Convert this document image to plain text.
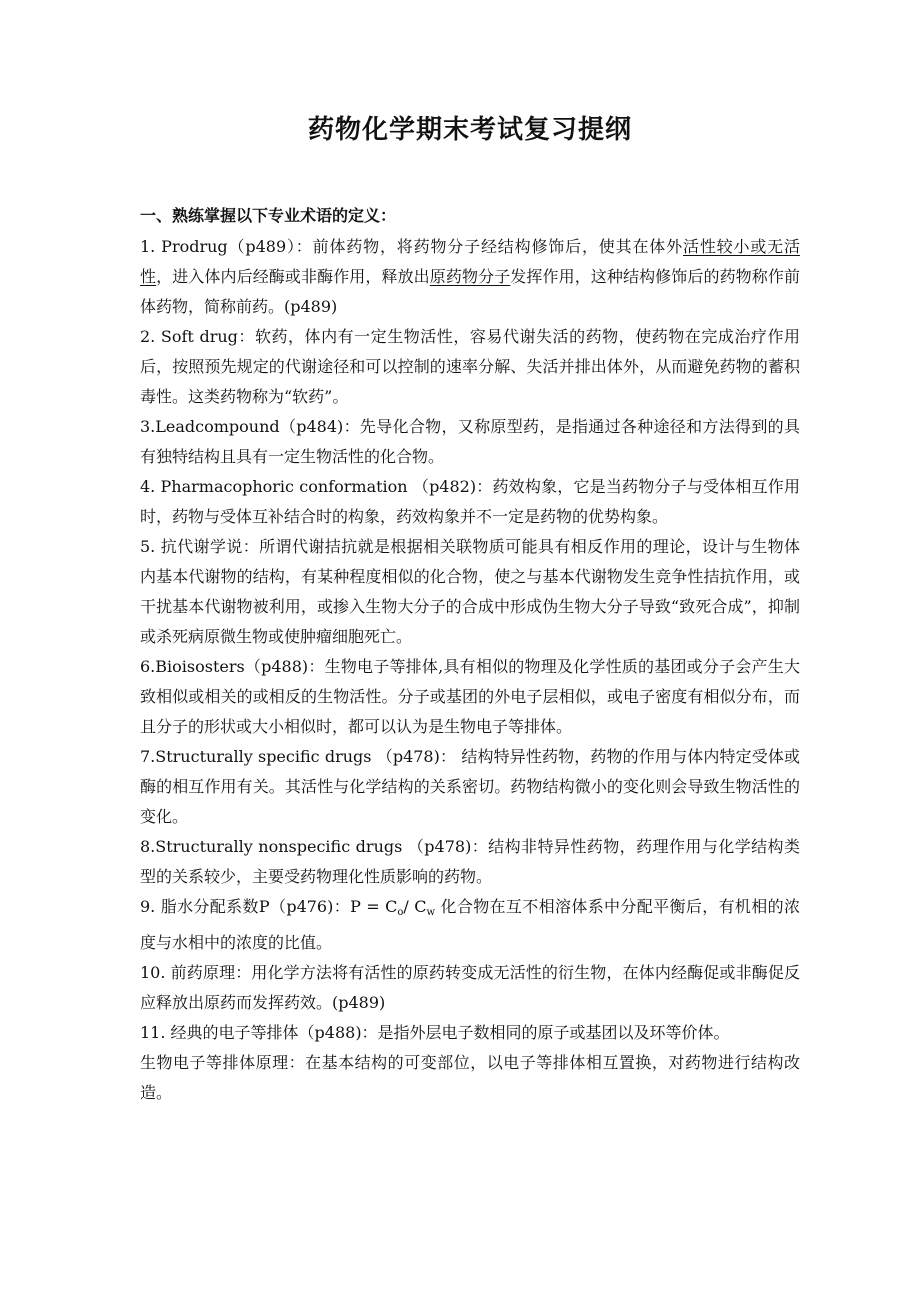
药物化学期末考试复习提纲
一、熟练掌握以下专业术语的定义：

1. Prodrug（p489）：前体药物，将药物分子经结构修饰后，使其在体外活性较小或无活性，进入体内后经酶或非酶作用，释放出原药物分子发挥作用，这种结构修饰后的药物称作前体药物，简称前药。(p489)

2. Soft drug：软药，体内有一定生物活性，容易代谢失活的药物，使药物在完成治疗作用后，按照预先规定的代谢途径和可以控制的速率分解、失活并排出体外，从而避免药物的蓄积毒性。这类药物称为“软药”。

3.Leadcompound（p484)：先导化合物，又称原型药，是指通过各种途径和方法得到的具有独特结构且具有一定生物活性的化合物。

4. Pharmacophoric conformation （p482)：药效构象，它是当药物分子与受体相互作用时，药物与受体互补结合时的构象，药效构象并不一定是药物的优势构象。

5. 抗代谢学说：所谓代谢拮抗就是根据相关联物质可能具有相反作用的理论，设计与生物体内基本代谢物的结构，有某种程度相似的化合物，使之与基本代谢物发生竞争性拮抗作用，或干扰基本代谢物被利用，或掺入生物大分子的合成中形成伪生物大分子导致“致死合成”，抑制或杀死病原微生物或使肿瘤细胞死亡。

6.Bioisosters（p488)：生物电子等排体,具有相似的物理及化学性质的基团或分子会产生大致相似或相关的或相反的生物活性。分子或基团的外电子层相似，或电子密度有相似分布，而且分子的形状或大小相似时，都可以认为是生物电子等排体。

7.Structurally specific drugs （p478)： 结构特异性药物，药物的作用与体内特定受体或酶的相互作用有关。其活性与化学结构的关系密切。药物结构微小的变化则会导致生物活性的变化。

8.Structurally nonspecific drugs （p478)：结构非特异性药物，药理作用与化学结构类型的关系较少，主要受药物理化性质影响的药物。

9. 脂水分配系数P（p476)：$P = C_o/$ $C_w$ 化合物在互不相溶体系中分配平衡后，有机相的浓度与水相中的浓度的比值。

10. 前药原理：用化学方法将有活性的原药转变成无活性的衍生物，在体内经酶促或非酶促反应释放出原药而发挥药效。(p489)

11. 经典的电子等排体（p488)：是指外层电子数相同的原子或基团以及环等价体。

生物电子等排体原理：在基本结构的可变部位，以电子等排体相互置换，对药物进行结构改造。
